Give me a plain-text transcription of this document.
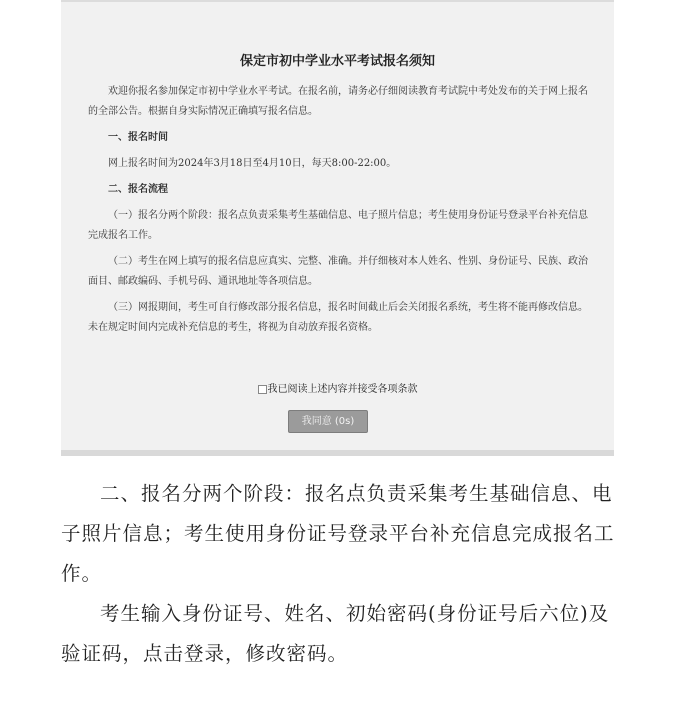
保定市初中学业水平考试报名须知

欢迎你报名参加保定市初中学业水平考试。在报名前，请务必仔细阅读教育考试院中考处发布的关于网上报名的全部公告。根据自身实际情况正确填写报名信息。

一、报名时间

网上报名时间为2024年3月18日至4月10日，每天8:00-22:00。

二、报名流程

（一）报名分两个阶段：报名点负责采集考生基础信息、电子照片信息；考生使用身份证号登录平台补充信息完成报名工作。

（二）考生在网上填写的报名信息应真实、完整、准确。并仔细核对本人姓名、性别、身份证号、民族、政治面目、邮政编码、手机号码、通讯地址等各项信息。

（三）网报期间，考生可自行修改部分报名信息，报名时间截止后会关闭报名系统，考生将不能再修改信息。未在规定时间内完成补充信息的考生，将视为自动放弃报名资格。

我已阅读上述内容并接受各项条款
我同意 (0s)

二、报名分两个阶段：报名点负责采集考生基础信息、电子照片信息；考生使用身份证号登录平台补充信息完成报名工作。

考生输入身份证号、姓名、初始密码(身份证号后六位)及验证码，点击登录，修改密码。
